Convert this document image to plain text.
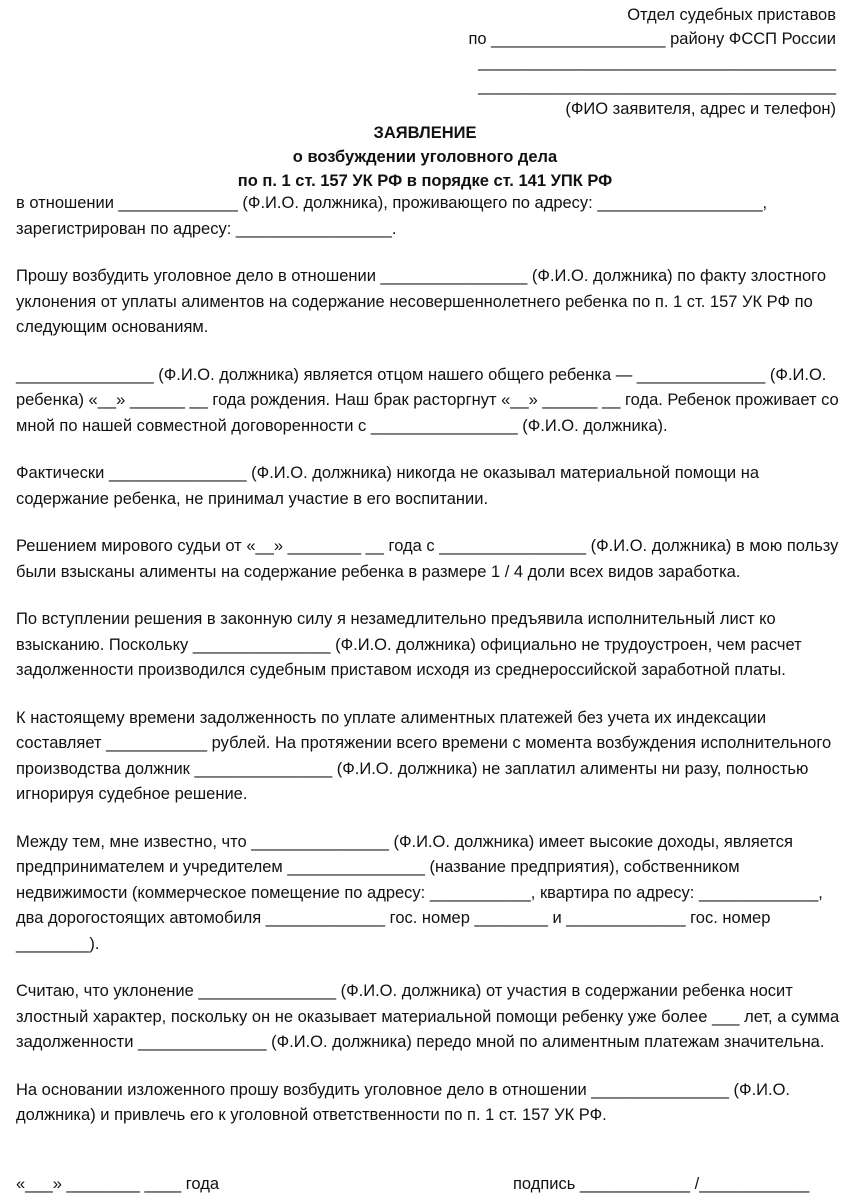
Отдел судебных приставов
по ___________________ району ФССП России
_______________________________________
_______________________________________
(ФИО заявителя, адрес и телефон)
ЗАЯВЛЕНИЕ
о возбуждении уголовного дела
по п. 1 ст. 157 УК РФ в порядке ст. 141 УПК РФ

в отношении _____________ (Ф.И.О. должника), проживающего по адресу: __________________, зарегистрирован по адресу: _________________.

Прошу возбудить уголовное дело в отношении ________________ (Ф.И.О. должника) по факту злостного уклонения от уплаты алиментов на содержание несовершеннолетнего ребенка по п. 1 ст. 157 УК РФ по следующим основаниям.

_______________ (Ф.И.О. должника) является отцом нашего общего ребенка — ______________ (Ф.И.О. ребенка) «__» ______ __ года рождения. Наш брак расторгнут «__» ______ __ года. Ребенок проживает со мной по нашей совместной договоренности с ________________ (Ф.И.О. должника).

Фактически _______________ (Ф.И.О. должника) никогда не оказывал материальной помощи на содержание ребенка, не принимал участие в его воспитании.

Решением мирового судьи от «__» ________ __ года с ________________ (Ф.И.О. должника) в мою пользу были взысканы алименты на содержание ребенка в размере 1 / 4 доли всех видов заработка.

По вступлении решения в законную силу я незамедлительно предъявила исполнительный лист ко взысканию. Поскольку _______________ (Ф.И.О. должника) официально не трудоустроен, чем расчет задолженности производился судебным приставом исходя из среднероссийской заработной платы.

К настоящему времени задолженность по уплате алиментных платежей без учета их индексации составляет ___________ рублей. На протяжении всего времени с момента возбуждения исполнительного производства должник _______________ (Ф.И.О. должника) не заплатил алименты ни разу, полностью игнорируя судебное решение.

Между тем, мне известно, что _______________ (Ф.И.О. должника) имеет высокие доходы, является предпринимателем и учредителем _______________ (название предприятия), собственником недвижимости (коммерческое помещение по адресу: ___________, квартира по адресу: _____________, два дорогостоящих автомобиля _____________ гос. номер ________ и _____________ гос. номер ________).

Считаю, что уклонение _______________ (Ф.И.О. должника) от участия в содержании ребенка носит злостный характер, поскольку он не оказывает материальной помощи ребенку уже более ___ лет, а сумма задолженности ______________ (Ф.И.О. должника) передо мной по алиментным платежам значительна.

На основании изложенного прошу возбудить уголовное дело в отношении _______________ (Ф.И.О. должника) и привлечь его к уголовной ответственности по п. 1 ст. 157 УК РФ.

«___» ________ ____ года	подпись ____________ /____________
